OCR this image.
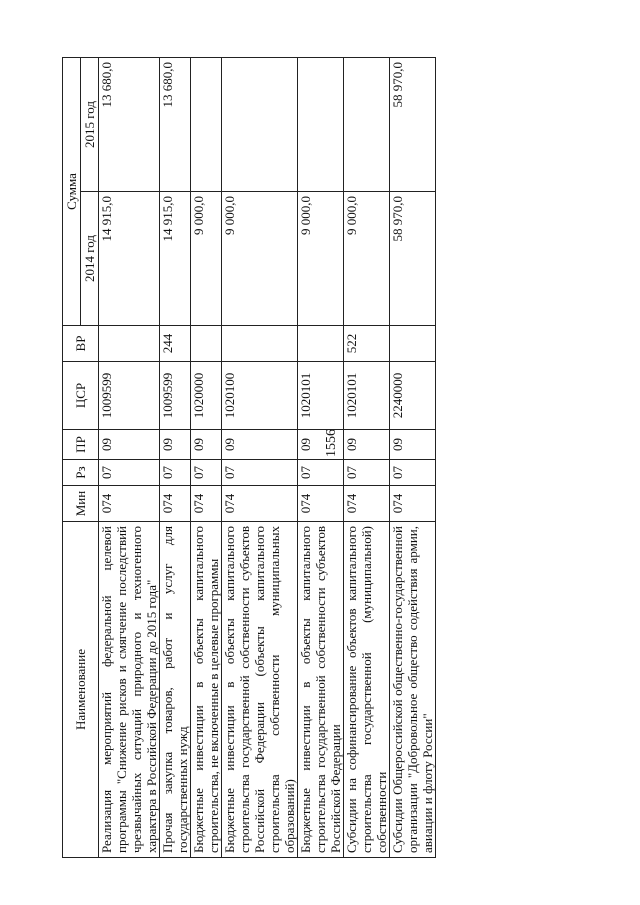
1556
Наименование	Мин	Рз	ПР	ЦСР	ВР	Сумма	
						2014 год	2015 год
Реализация мероприятий федеральной целевой программы "Снижение рисков и смягчение последствий чрезвычайных ситуаций природного и техногенного характера в Российской Федерации до 2015 года"	074	07	09	1009599		14 915,0	13 680,0
Прочая закупка товаров, работ и услуг для государственных нужд	074	07	09	1009599	244	14 915,0	13 680,0
Бюджетные инвестиции в объекты капитального строительства, не включенные в целевые программы	074	07	09	1020000		9 000,0	
Бюджетные инвестиции в объекты капитального строительства государственной собственности субъектов Российской Федерации (объекты капитального строительства собственности муниципальных образований)	074	07	09	1020100		9 000,0	
Бюджетные инвестиции в объекты капитального строительства государственной собственности субъектов Российской Федерации	074	07	09	1020101		9 000,0	
Субсидии на софинансирование объектов капитального строительства государственной (муниципальной) собственности	074	07	09	1020101	522	9 000,0	
Субсидии Общероссийской общественно-государственной организации "Добровольное общество содействия армии, авиации и флоту России"	074	07	09	2240000		58 970,0	58 970,0
